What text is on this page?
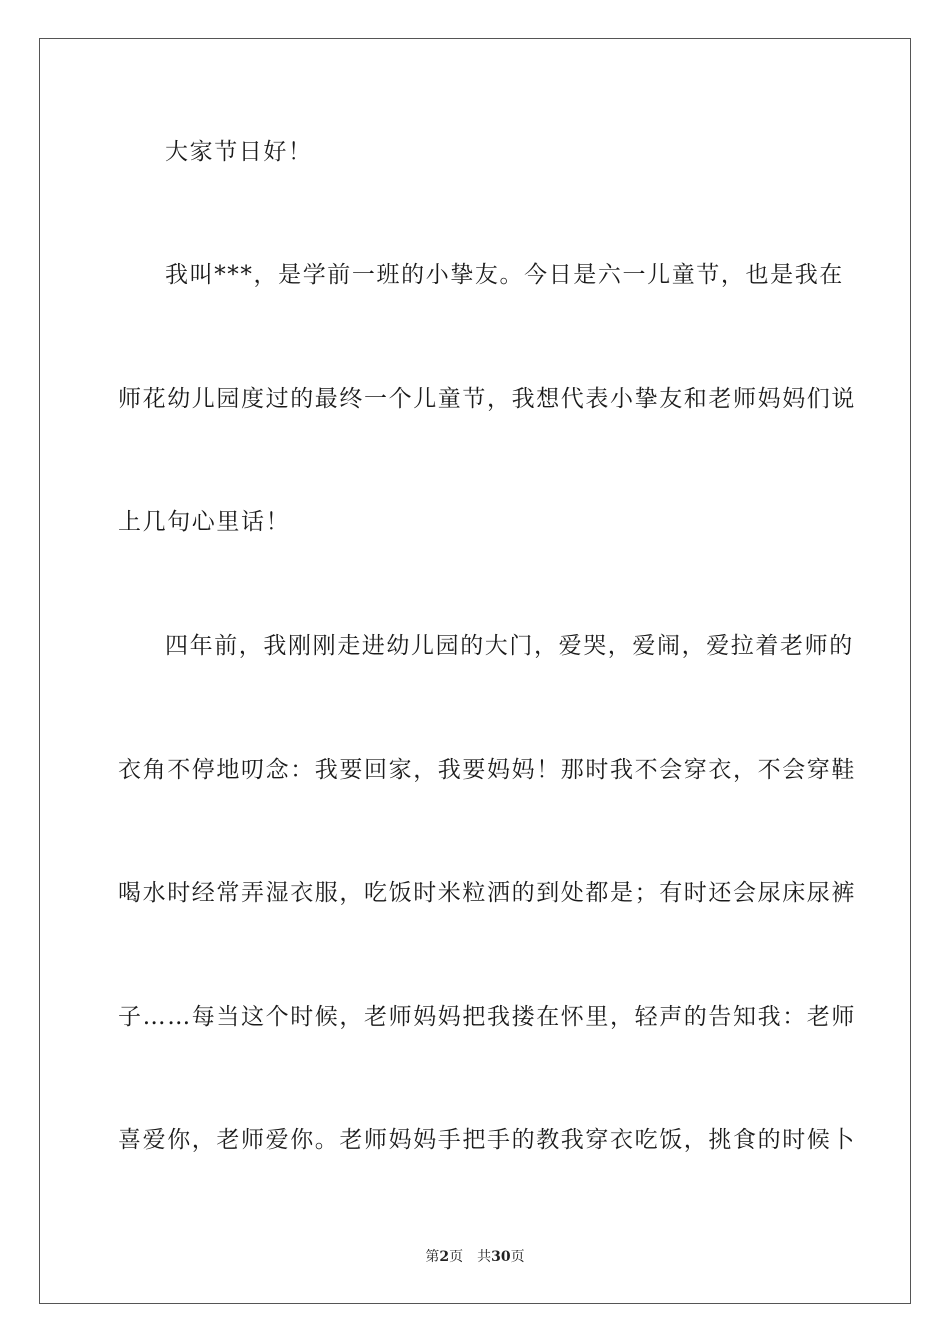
大家节日好！
我叫***，是学前一班的小挚友。今日是六一儿童节，也是我在
师花幼儿园度过的最终一个儿童节，我想代表小挚友和老师妈妈们说
上几句心里话！
四年前，我刚刚走进幼儿园的大门，爱哭，爱闹，爱拉着老师的
衣角不停地叨念：我要回家，我要妈妈！那时我不会穿衣，不会穿鞋
喝水时经常弄湿衣服，吃饭时米粒洒的到处都是；有时还会尿床尿裤
子……每当这个时候，老师妈妈把我搂在怀里，轻声的告知我：老师
喜爱你，老师爱你。老师妈妈手把手的教我穿衣吃饭，挑食的时候卜
第2页 共30页
